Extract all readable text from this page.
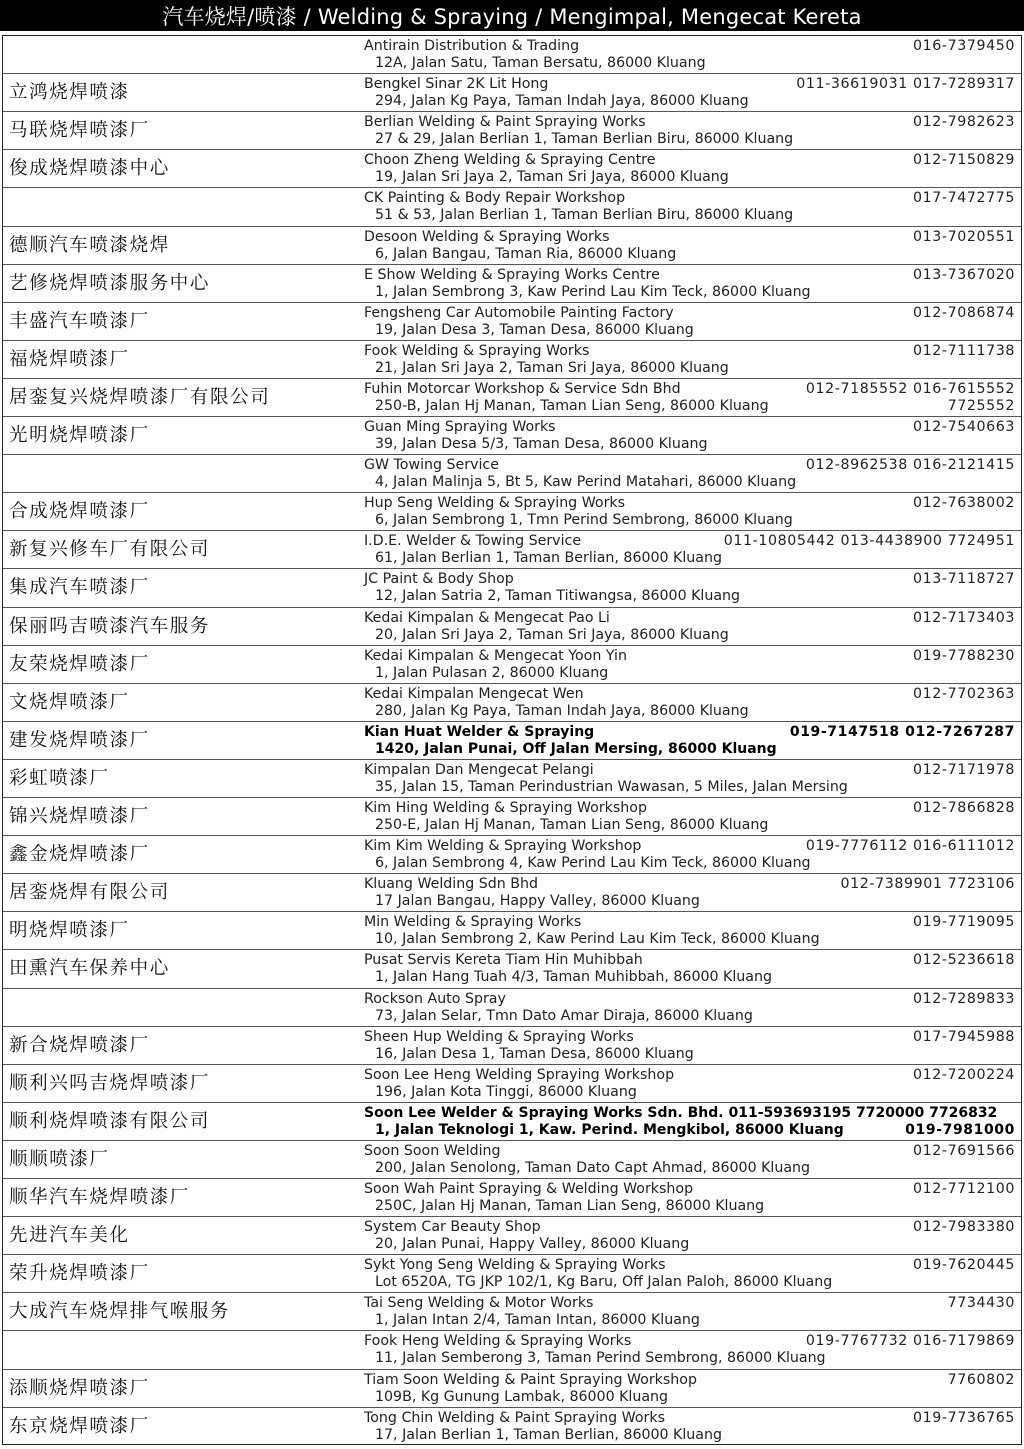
汽车烧焊/喷漆 / Welding & Spraying / Mengimpal, Mengecat Kereta
Antirain Distribution & Trading
12A, Jalan Satu, Taman Bersatu, 86000 Kluang
016-7379450
立鸿烧焊喷漆	Bengkel Sinar 2K Lit Hong
294, Jalan Kg Paya, Taman Indah Jaya, 86000 Kluang
011-36619031 017-7289317
马联烧焊喷漆厂	Berlian Welding & Paint Spraying Works
27 & 29, Jalan Berlian 1, Taman Berlian Biru, 86000 Kluang
012-7982623
俊成烧焊喷漆中心	Choon Zheng Welding & Spraying Centre
19, Jalan Sri Jaya 2, Taman Sri Jaya, 86000 Kluang
012-7150829
CK Painting & Body Repair Workshop
51 & 53, Jalan Berlian 1, Taman Berlian Biru, 86000 Kluang
017-7472775
德顺汽车喷漆烧焊	Desoon Welding & Spraying Works
6, Jalan Bangau, Taman Ria, 86000 Kluang
013-7020551
艺修烧焊喷漆服务中心	E Show Welding & Spraying Works Centre
1, Jalan Sembrong 3, Kaw Perind Lau Kim Teck, 86000 Kluang
013-7367020
丰盛汽车喷漆厂	Fengsheng Car Automobile Painting Factory
19, Jalan Desa 3, Taman Desa, 86000 Kluang
012-7086874
福烧焊喷漆厂	Fook Welding & Spraying Works
21, Jalan Sri Jaya 2, Taman Sri Jaya, 86000 Kluang
012-7111738
居銮复兴烧焊喷漆厂有限公司	Fuhin Motorcar Workshop & Service Sdn Bhd
250-B, Jalan Hj Manan, Taman Lian Seng, 86000 Kluang
012-7185552 016-7615552
7725552
光明烧焊喷漆厂	Guan Ming Spraying Works
39, Jalan Desa 5/3, Taman Desa, 86000 Kluang
012-7540663
GW Towing Service
4, Jalan Malinja 5, Bt 5, Kaw Perind Matahari, 86000 Kluang
012-8962538 016-2121415
合成烧焊喷漆厂	Hup Seng Welding & Spraying Works
6, Jalan Sembrong 1, Tmn Perind Sembrong, 86000 Kluang
012-7638002
新复兴修车厂有限公司	I.D.E. Welder & Towing Service
61, Jalan Berlian 1, Taman Berlian, 86000 Kluang
011-10805442 013-4438900 7724951
集成汽车喷漆厂	JC Paint & Body Shop
12, Jalan Satria 2, Taman Titiwangsa, 86000 Kluang
013-7118727
保丽吗吉喷漆汽车服务	Kedai Kimpalan & Mengecat Pao Li
20, Jalan Sri Jaya 2, Taman Sri Jaya, 86000 Kluang
012-7173403
友荣烧焊喷漆厂	Kedai Kimpalan & Mengecat Yoon Yin
1, Jalan Pulasan 2, 86000 Kluang
019-7788230
文烧焊喷漆厂	Kedai Kimpalan Mengecat Wen
280, Jalan Kg Paya, Taman Indah Jaya, 86000 Kluang
012-7702363
建发烧焊喷漆厂	Kian Huat Welder & Spraying
1420, Jalan Punai, Off Jalan Mersing, 86000 Kluang
019-7147518 012-7267287
彩虹喷漆厂	Kimpalan Dan Mengecat Pelangi
35, Jalan 15, Taman Perindustrian Wawasan, 5 Miles, Jalan Mersing
012-7171978
锦兴烧焊喷漆厂	Kim Hing Welding & Spraying Workshop
250-E, Jalan Hj Manan, Taman Lian Seng, 86000 Kluang
012-7866828
鑫金烧焊喷漆厂	Kim Kim Welding & Spraying Workshop
6, Jalan Sembrong 4, Kaw Perind Lau Kim Teck, 86000 Kluang
019-7776112 016-6111012
居銮烧焊有限公司	Kluang Welding Sdn Bhd
17 Jalan Bangau, Happy Valley, 86000 Kluang
012-7389901 7723106
明烧焊喷漆厂	Min Welding & Spraying Works
10, Jalan Sembrong 2, Kaw Perind Lau Kim Teck, 86000 Kluang
019-7719095
田熏汽车保养中心	Pusat Servis Kereta Tiam Hin Muhibbah
1, Jalan Hang Tuah 4/3, Taman Muhibbah, 86000 Kluang
012-5236618
Rockson Auto Spray
73, Jalan Selar, Tmn Dato Amar Diraja, 86000 Kluang
012-7289833
新合烧焊喷漆厂	Sheen Hup Welding & Spraying Works
16, Jalan Desa 1, Taman Desa, 86000 Kluang
017-7945988
顺利兴吗吉烧焊喷漆厂	Soon Lee Heng Welding Spraying Workshop
196, Jalan Kota Tinggi, 86000 Kluang
012-7200224
顺利烧焊喷漆有限公司	Soon Lee Welder & Spraying Works Sdn. Bhd. 011-593693195 7720000 7726832
1, Jalan Teknologi 1, Kaw. Perind. Mengkibol, 86000 Kluang	019-7981000
顺顺喷漆厂	Soon Soon Welding
200, Jalan Senolong, Taman Dato Capt Ahmad, 86000 Kluang
012-7691566
顺华汽车烧焊喷漆厂	Soon Wah Paint Spraying & Welding Workshop
250C, Jalan Hj Manan, Taman Lian Seng, 86000 Kluang
012-7712100
先进汽车美化	System Car Beauty Shop
20, Jalan Punai, Happy Valley, 86000 Kluang
012-7983380
荣升烧焊喷漆厂	Sykt Yong Seng Welding & Spraying Works
Lot 6520A, TG JKP 102/1, Kg Baru, Off Jalan Paloh, 86000 Kluang
019-7620445
大成汽车烧焊排气喉服务	Tai Seng Welding & Motor Works
1, Jalan Intan 2/4, Taman Intan, 86000 Kluang
7734430
Fook Heng Welding & Spraying Works
11, Jalan Semberong 3, Taman Perind Sembrong, 86000 Kluang
019-7767732 016-7179869
添顺烧焊喷漆厂	Tiam Soon Welding & Paint Spraying Workshop
109B, Kg Gunung Lambak, 86000 Kluang
7760802
东京烧焊喷漆厂	Tong Chin Welding & Paint Spraying Works
17, Jalan Berlian 1, Taman Berlian, 86000 Kluang
019-7736765
